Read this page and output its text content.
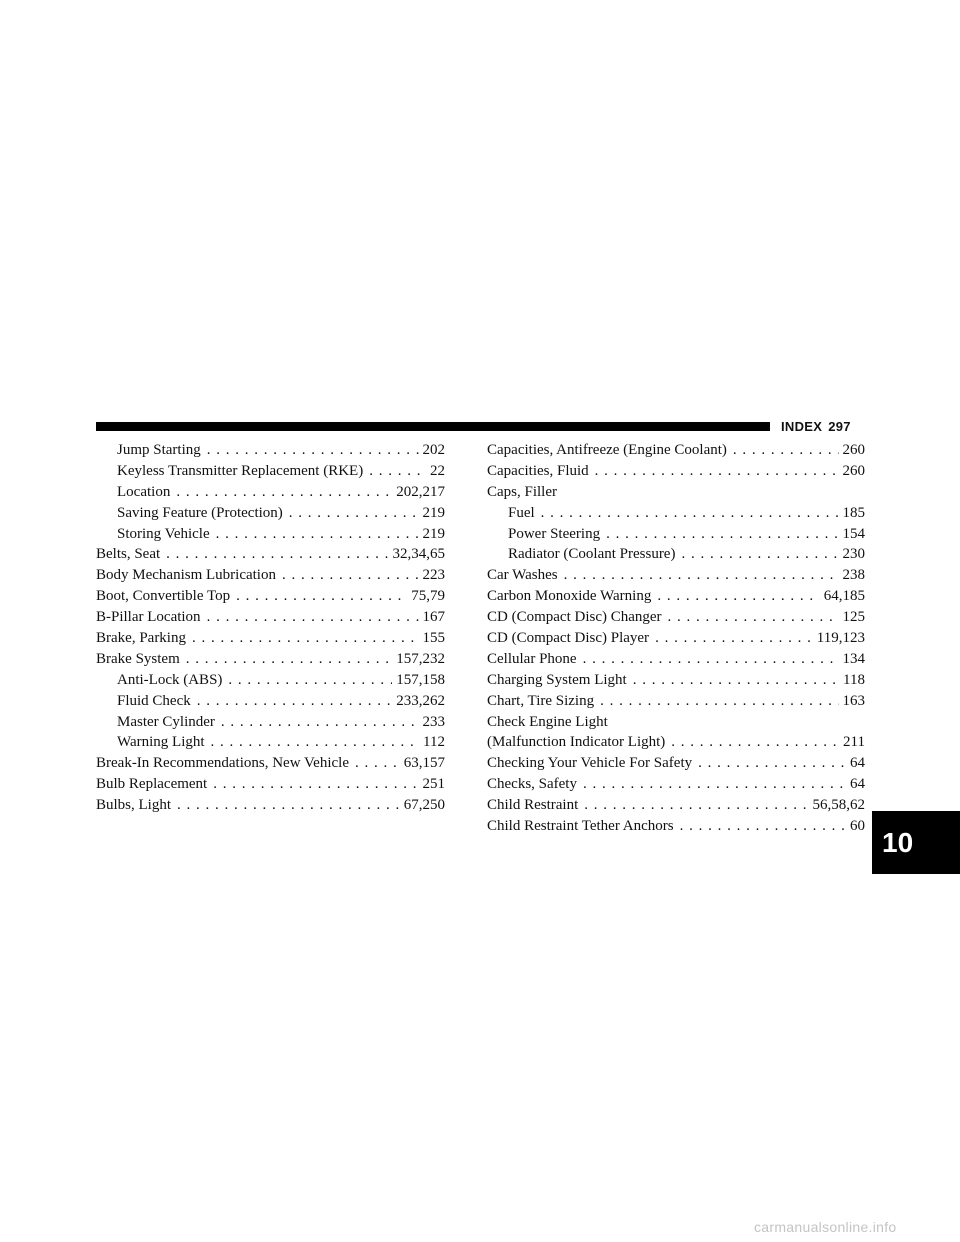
INDEX 297
Jump Starting . . .	202
Keyless Transmitter Replacement (RKE) . . .	22
Location . . .	202,217
Saving Feature (Protection) . . .	219
Storing Vehicle . . .	219
Belts, Seat . . .	32,34,65
Body Mechanism Lubrication . . .	223
Boot, Convertible Top . . .	75,79
B-Pillar Location . . .	167
Brake, Parking . . .	155
Brake System . . .	157,232
Anti-Lock (ABS) . . .	157,158
Fluid Check . . .	233,262
Master Cylinder . . .	233
Warning Light . . .	112
Break-In Recommendations, New Vehicle . . .	63,157
Bulb Replacement . . .	251
Bulbs, Light . . .	67,250
Capacities, Antifreeze (Engine Coolant) . . .	260
Capacities, Fluid . . .	260
Caps, Filler
Fuel . . .	185
Power Steering . . .	154
Radiator (Coolant Pressure) . . .	230
Car Washes . . .	238
Carbon Monoxide Warning . . .	64,185
CD (Compact Disc) Changer . . .	125
CD (Compact Disc) Player . . .	119,123
Cellular Phone . . .	134
Charging System Light . . .	118
Chart, Tire Sizing . . .	163
Check Engine Light
(Malfunction Indicator Light) . . .	211
Checking Your Vehicle For Safety . . .	64
Checks, Safety . . .	64
Child Restraint . . .	56,58,62
Child Restraint Tether Anchors . . .	60
10
carmanualsonline.info
